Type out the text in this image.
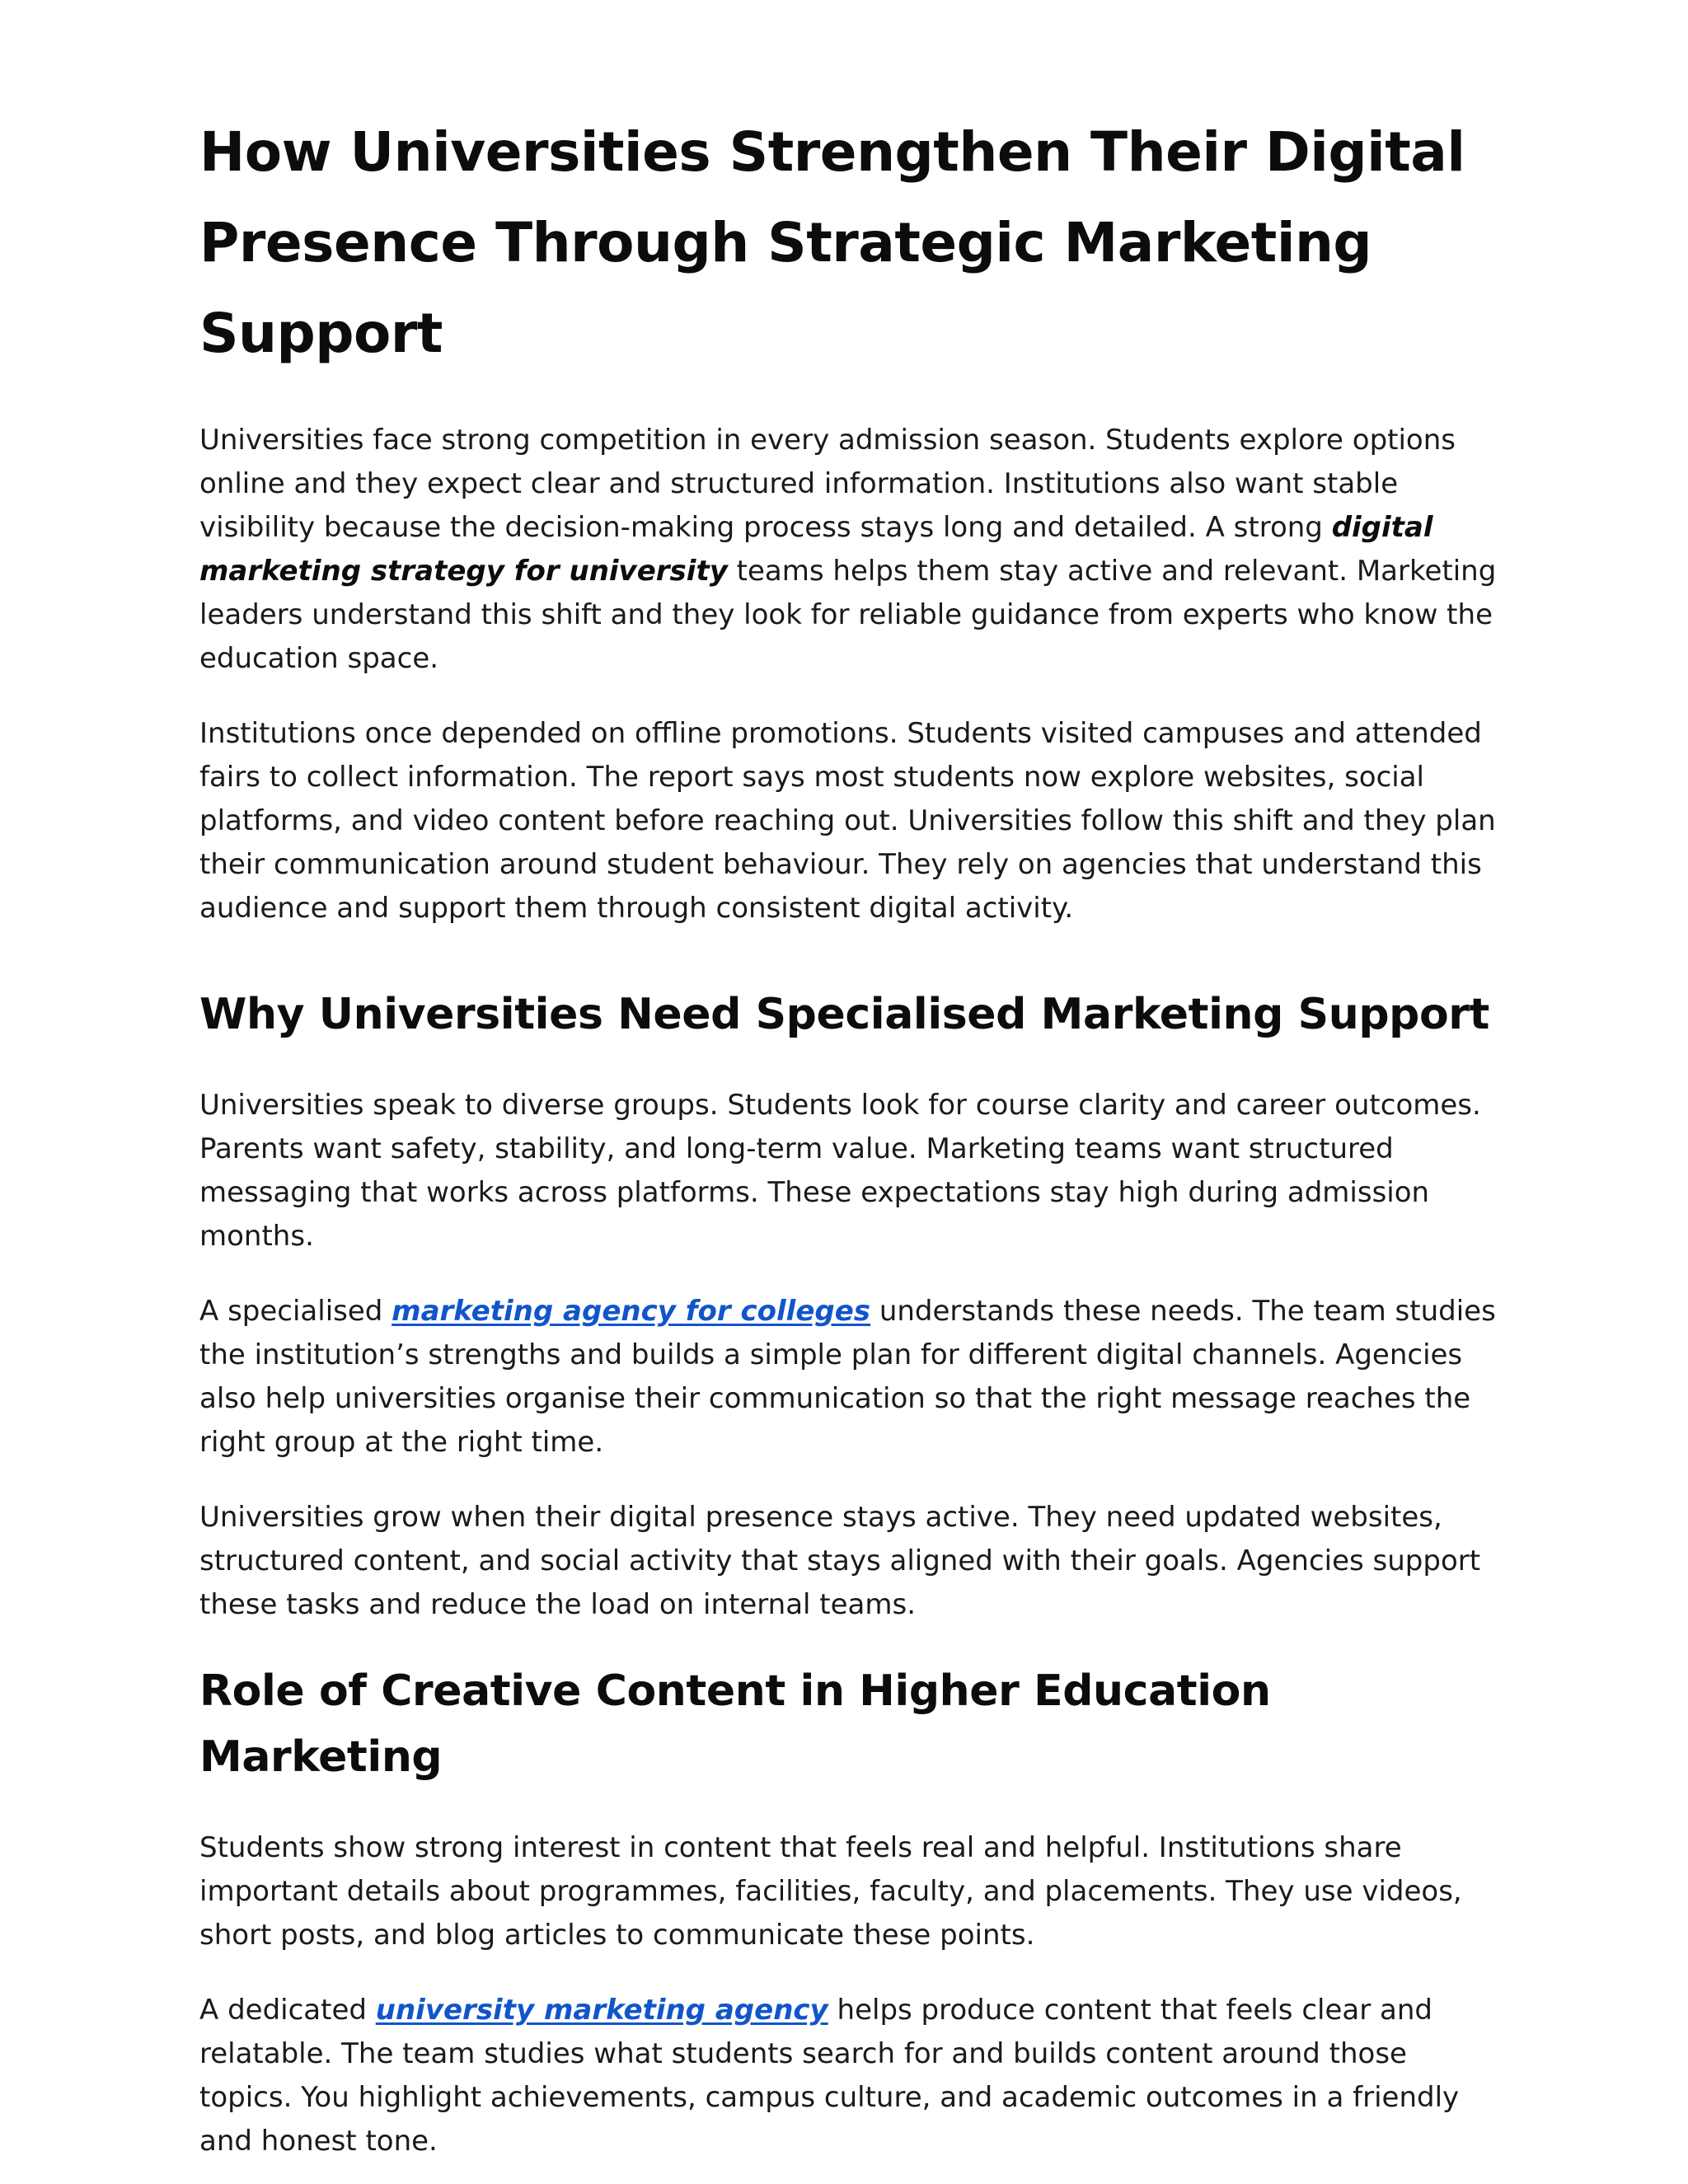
How Universities Strengthen Their Digital Presence Through Strategic Marketing Support

Universities face strong competition in every admission season. Students explore options online and they expect clear and structured information. Institutions also want stable visibility because the decision-making process stays long and detailed. A strong digital marketing strategy for university teams helps them stay active and relevant. Marketing leaders understand this shift and they look for reliable guidance from experts who know the education space.

Institutions once depended on offline promotions. Students visited campuses and attended fairs to collect information. The report says most students now explore websites, social platforms, and video content before reaching out. Universities follow this shift and they plan their communication around student behaviour. They rely on agencies that understand this audience and support them through consistent digital activity.

Why Universities Need Specialised Marketing Support

Universities speak to diverse groups. Students look for course clarity and career outcomes. Parents want safety, stability, and long-term value. Marketing teams want structured messaging that works across platforms. These expectations stay high during admission months.

A specialised marketing agency for colleges understands these needs. The team studies the institution’s strengths and builds a simple plan for different digital channels. Agencies also help universities organise their communication so that the right message reaches the right group at the right time.

Universities grow when their digital presence stays active. They need updated websites, structured content, and social activity that stays aligned with their goals. Agencies support these tasks and reduce the load on internal teams.

Role of Creative Content in Higher Education Marketing

Students show strong interest in content that feels real and helpful. Institutions share important details about programmes, facilities, faculty, and placements. They use videos, short posts, and blog articles to communicate these points.

A dedicated university marketing agency helps produce content that feels clear and relatable. The team studies what students search for and builds content around those topics. You highlight achievements, campus culture, and academic outcomes in a friendly and honest tone.
